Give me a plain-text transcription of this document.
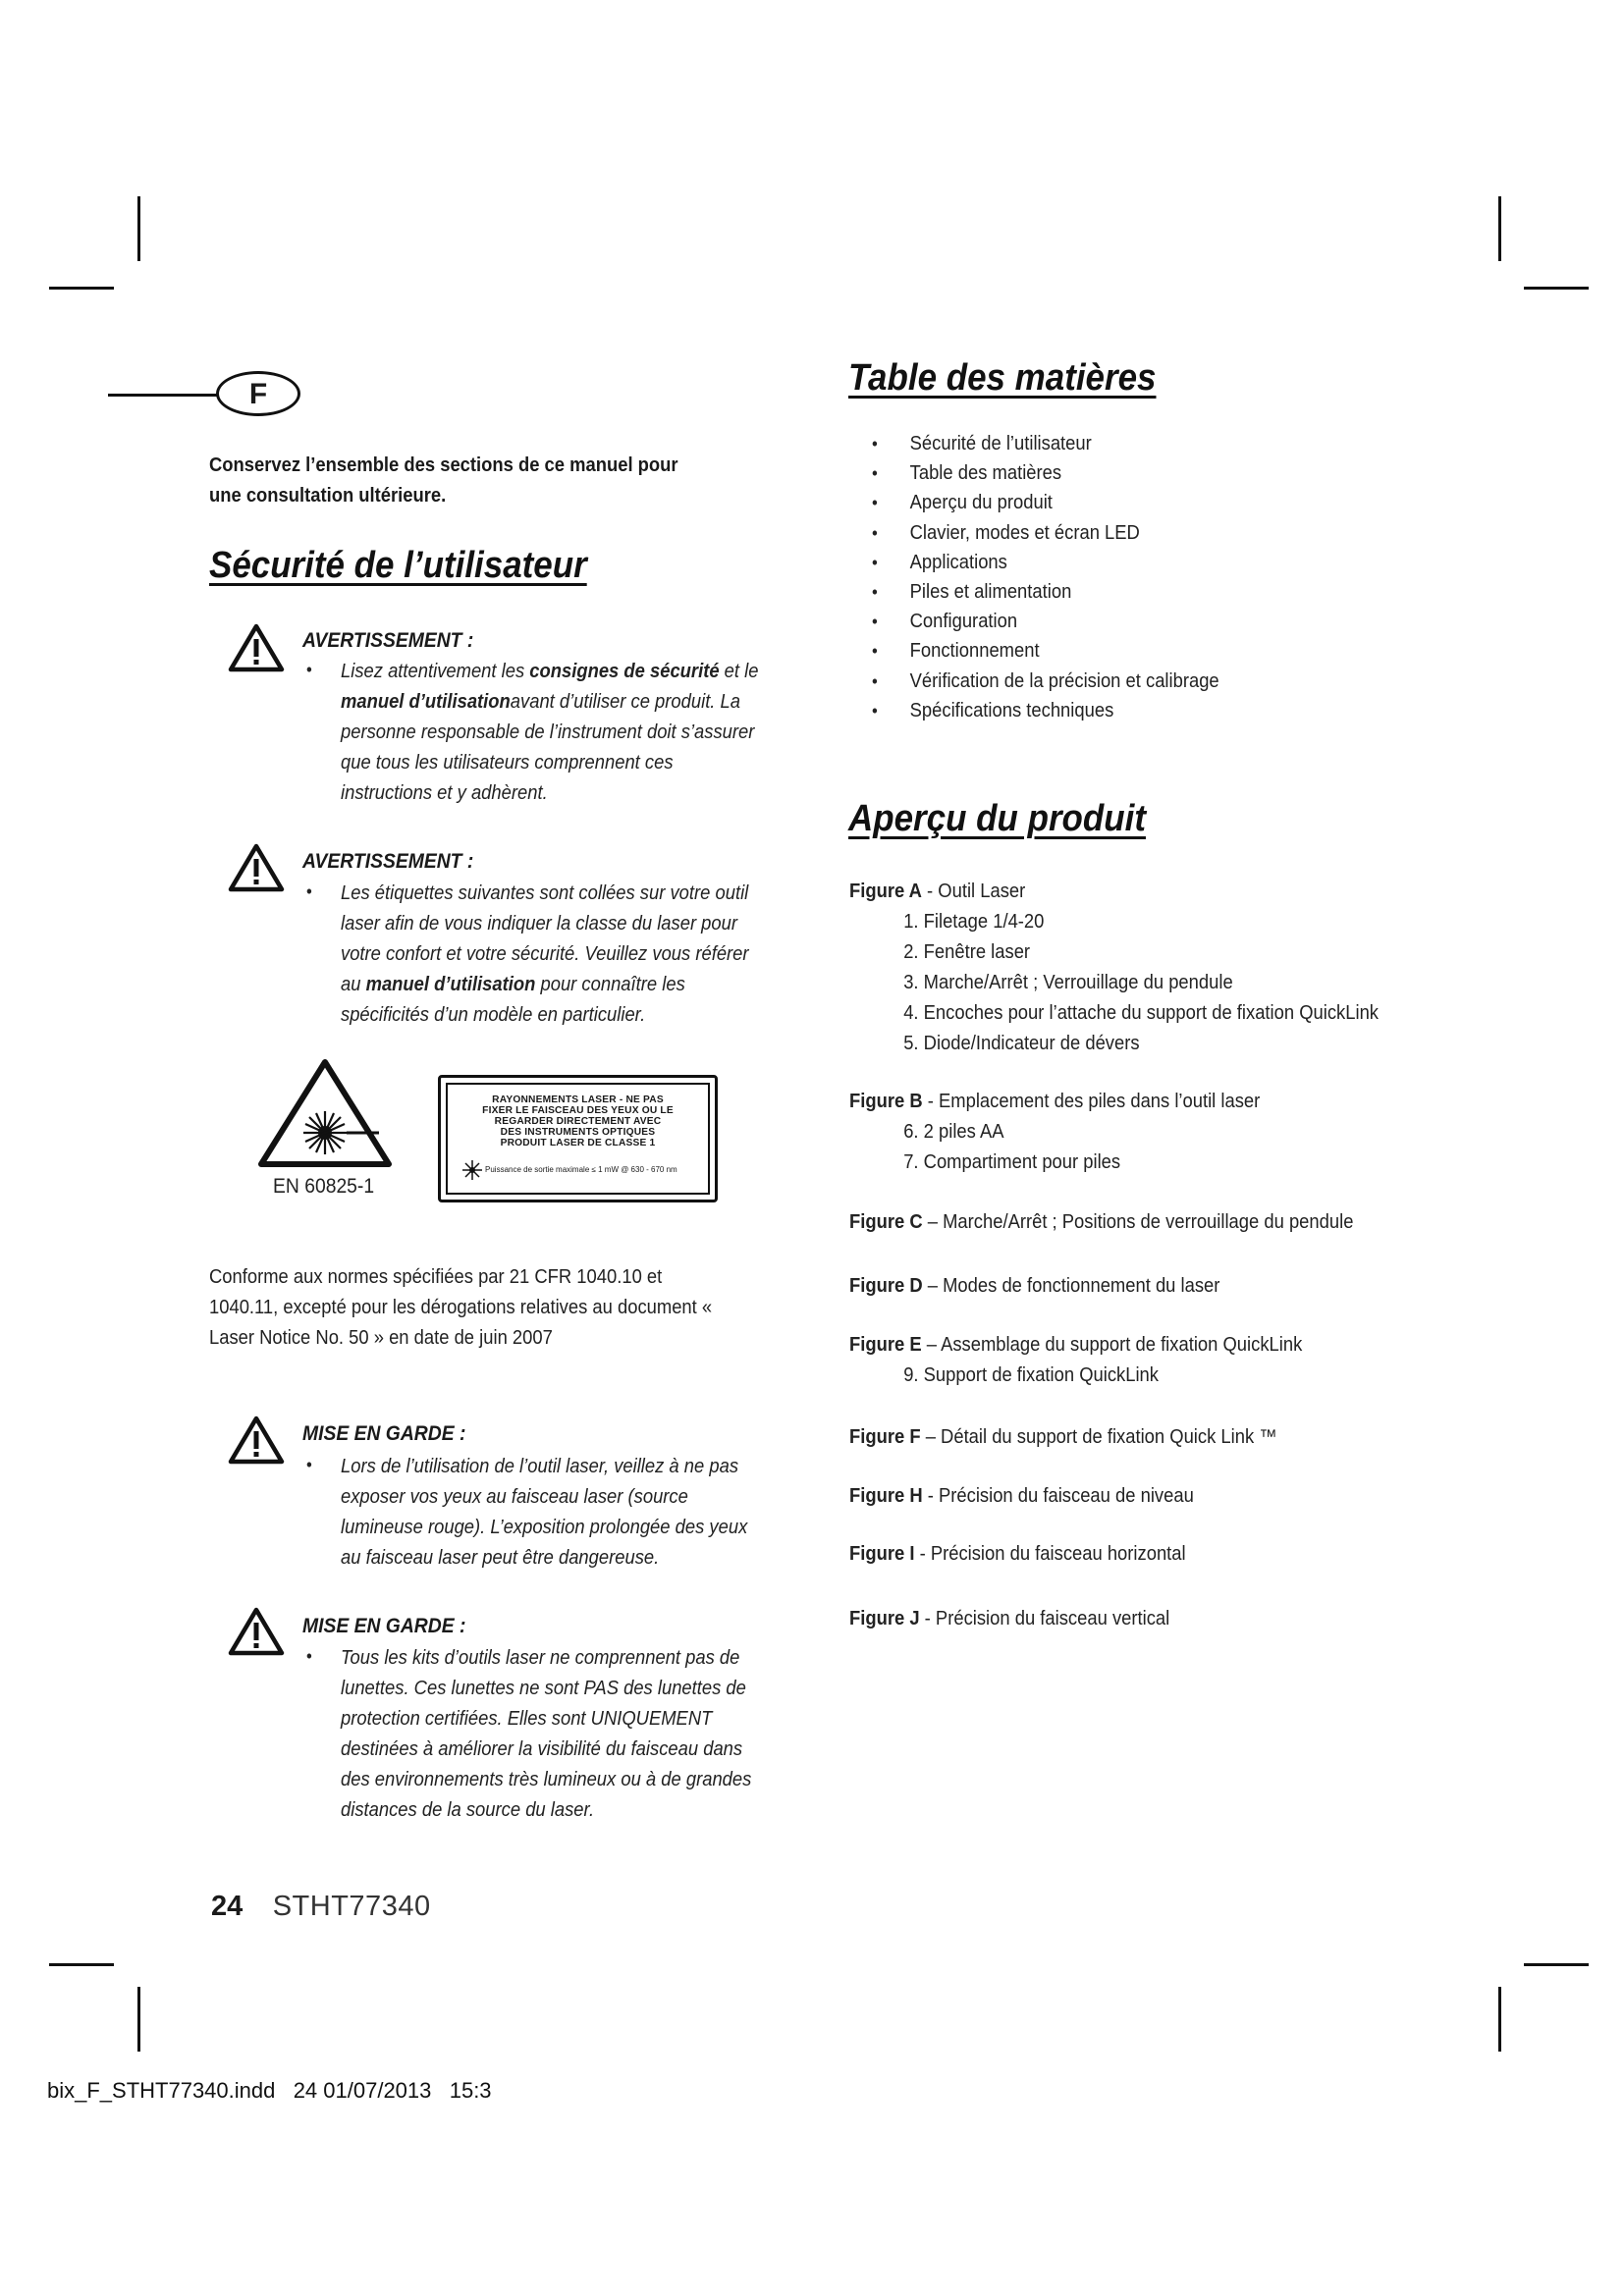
F
Conservez l’ensemble des sections de ce manuel pour une consultation ultérieure.
Sécurité de l’utilisateur
AVERTISSEMENT :
• Lisez attentivement les consignes de sécurité et le manuel d’utilisationavant d’utiliser ce produit. La personne responsable de l’instrument doit s’assurer que tous les utilisateurs comprennent ces instructions et y adhèrent.
AVERTISSEMENT :
• Les étiquettes suivantes sont collées sur votre outil laser afin de vous indiquer la classe du laser pour votre confort et votre sécurité. Veuillez vous référer au manuel d’utilisation pour connaître les spécificités d’un modèle en particulier.
EN 60825-1
RAYONNEMENTS LASER - NE PAS
FIXER LE FAISCEAU DES YEUX OU LE
REGARDER DIRECTEMENT AVEC
DES INSTRUMENTS OPTIQUES
PRODUIT LASER DE CLASSE 1
Puissance de sortie maximale ≤ 1 mW @ 630 - 670 nm
Conforme aux normes spécifiées par 21 CFR 1040.10 et 1040.11, excepté pour les dérogations relatives au document « Laser Notice No. 50 » en date de juin 2007
MISE EN GARDE :
• Lors de l’utilisation de l’outil laser, veillez à ne pas exposer vos yeux au faisceau laser (source lumineuse rouge). L’exposition prolongée des yeux au faisceau laser peut être dangereuse.
MISE EN GARDE :
• Tous les kits d’outils laser ne comprennent pas de lunettes. Ces lunettes ne sont PAS des lunettes de protection certifiées. Elles sont UNIQUEMENT destinées à améliorer la visibilité du faisceau dans des environnements très lumineux ou à de grandes distances de la source du laser.
Table des matières
• Sécurité de l’utilisateur
• Table des matières
• Aperçu du produit
• Clavier, modes et écran LED
• Applications
• Piles et alimentation
• Configuration
• Fonctionnement
• Vérification de la précision et calibrage
• Spécifications techniques
Aperçu du produit
Figure A - Outil Laser
1. Filetage 1/4-20
2. Fenêtre laser
3. Marche/Arrêt ; Verrouillage du pendule
4. Encoches pour l’attache du support de fixation QuickLink
5. Diode/Indicateur de dévers
Figure B - Emplacement des piles dans l’outil laser
6. 2 piles AA
7. Compartiment pour piles
Figure C – Marche/Arrêt ; Positions de verrouillage du pendule
Figure D – Modes de fonctionnement du laser
Figure E – Assemblage du support de fixation QuickLink
9. Support de fixation QuickLink
Figure F – Détail du support de fixation Quick Link ™
Figure H - Précision du faisceau de niveau
Figure I - Précision du faisceau horizontal
Figure J - Précision du faisceau vertical
24 STHT77340
bix_F_STHT77340.indd   24 01/07/2013   15:3
